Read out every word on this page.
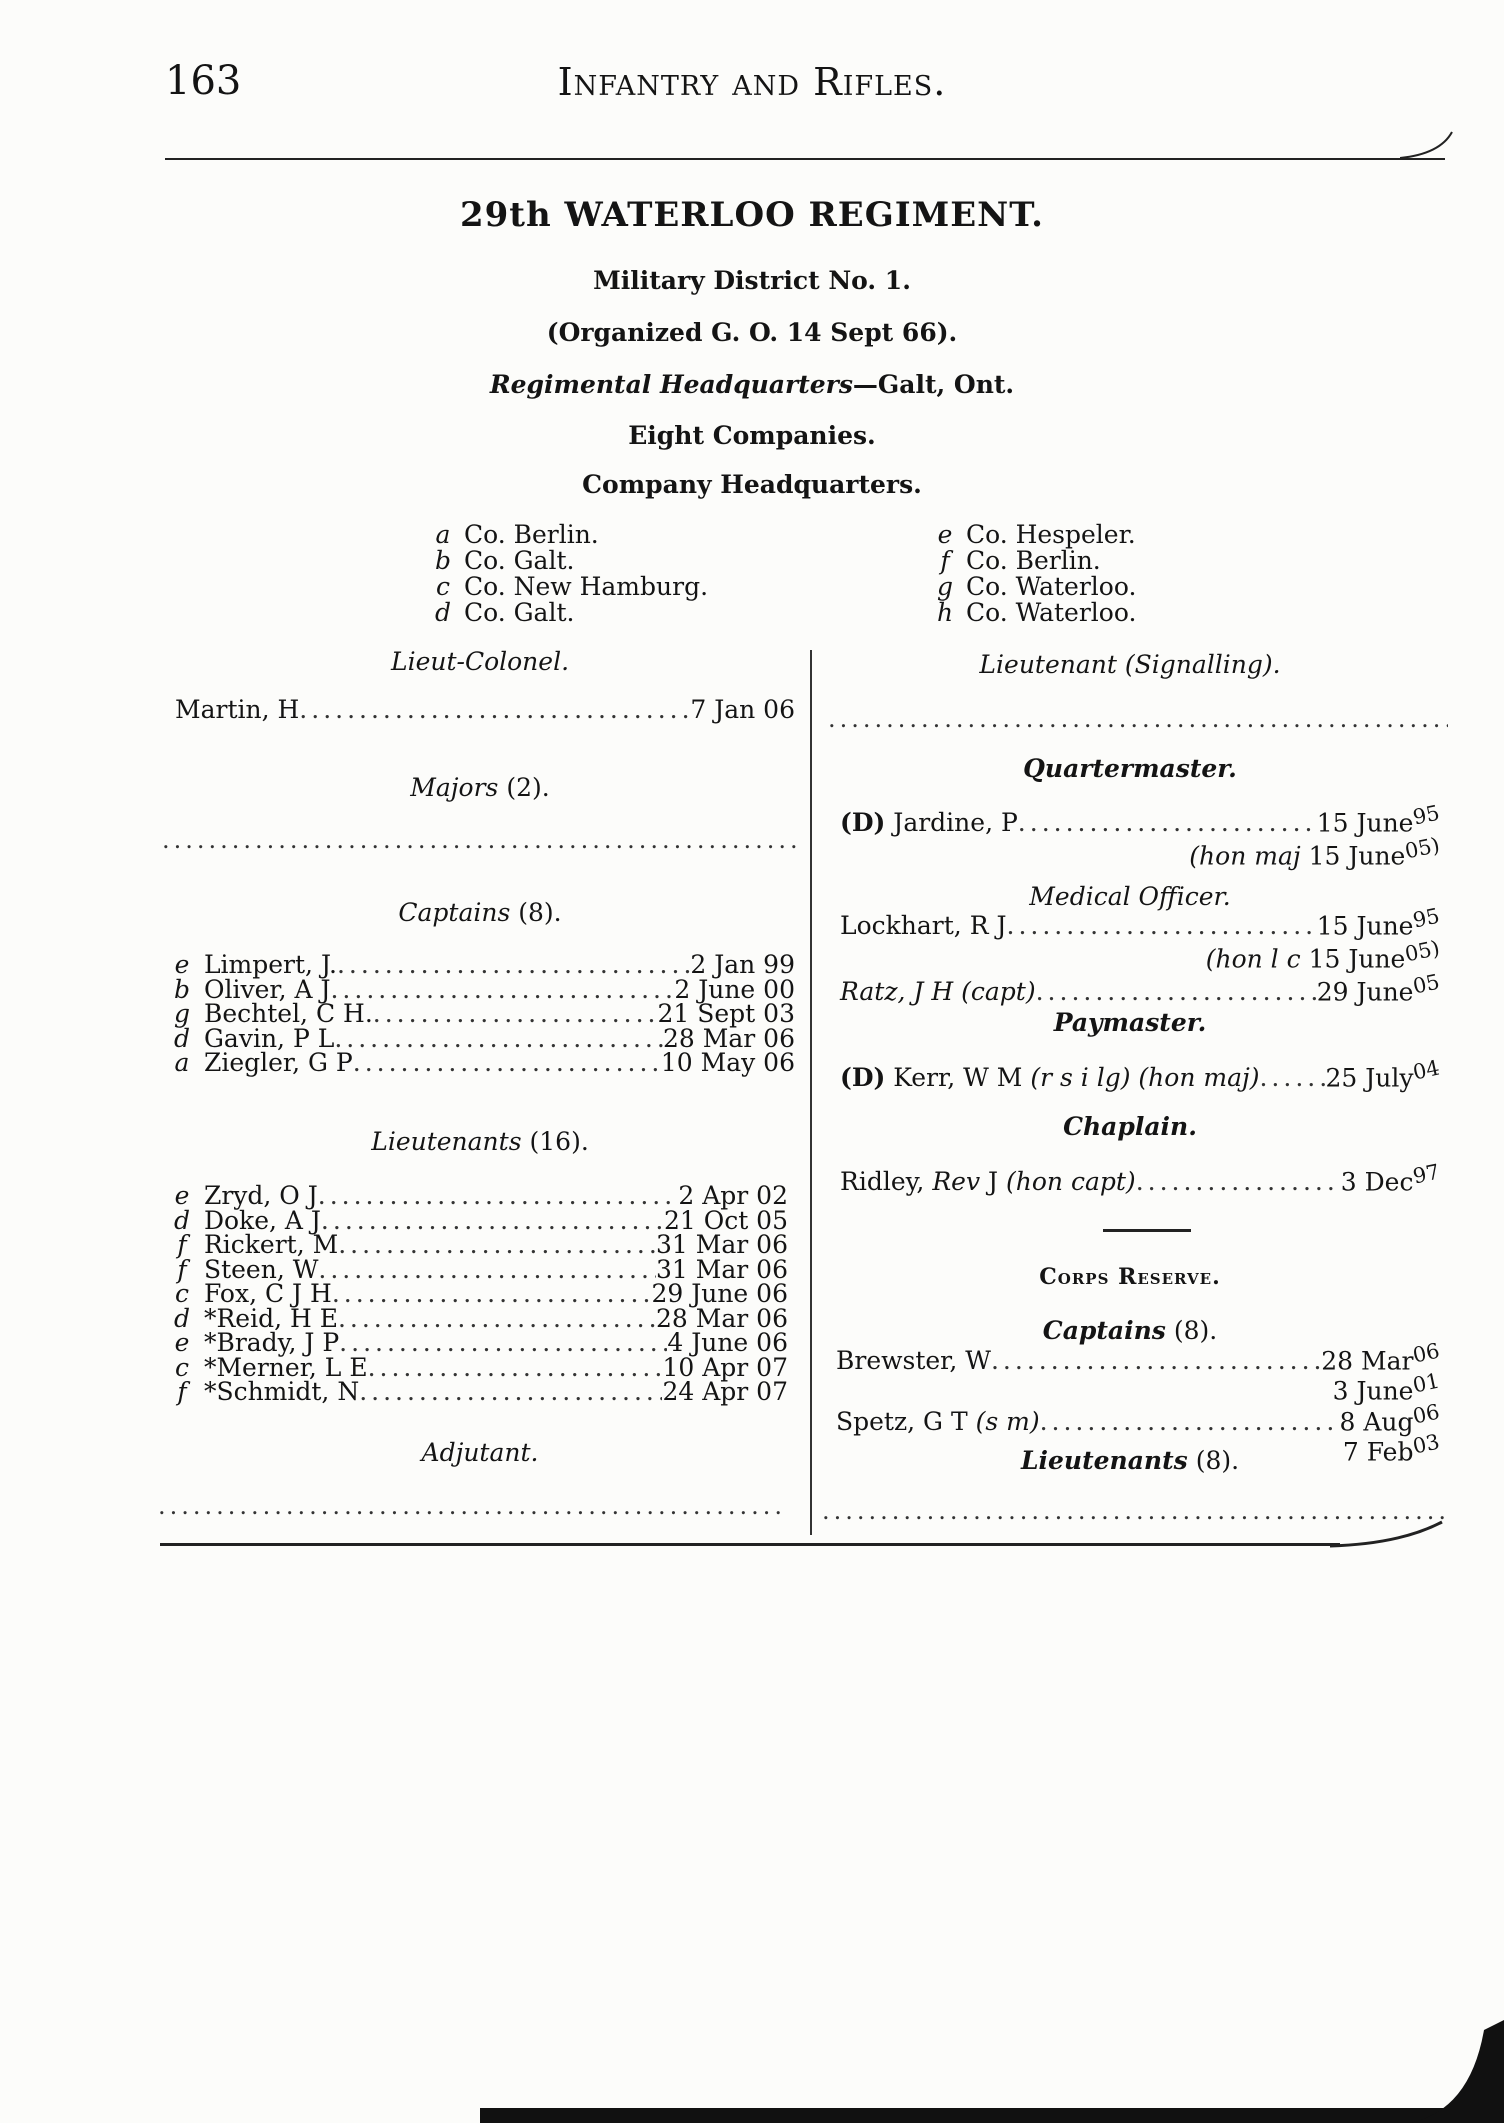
163	Infantry and Rifles.
29th WATERLOO REGIMENT.
Military District No. 1.
(Organized G. O. 14 Sept 66).
Regimental Headquarters—Galt, Ont.
Eight Companies.
Company Headquarters.
a
Co. Berlin.
b
Co. Galt.
c
Co. New Hamburg.
d
Co. Galt.
e
Co. Hespeler.
f
Co. Berlin.
g
Co. Waterloo.
h
Co. Waterloo.
Lieut-Colonel.
Martin, H .....	7 Jan 06
Majors (2).
.....
Captains (8).
e
Limpert, J. .....	2 Jan 99
b
Oliver, A J .....	2 June 00
g
Bechtel, C H. .....	21 Sept 03
d
Gavin, P L .....	28 Mar 06
a
Ziegler, G P .....	10 May 06
Lieutenants (16).
e
Zryd, O J .....	2 Apr 02
d
Doke, A J .....	21 Oct 05
f
Rickert, M .....	31 Mar 06
f
Steen, W .....	31 Mar 06
c
Fox, C J H .....	29 June 06
d
*Reid, H E .....	28 Mar 06
e
*Brady, J P .....	4 June 06
c
*Merner, L E .....	10 Apr 07
f
*Schmidt, N .....	24 Apr 07
Adjutant.
.....
Lieutenant (Signalling).
.....
Quartermaster.
(D) Jardine, P .....	15 June$^{95}$
(hon maj 15 June$^{05)}$
Medical Officer.
Lockhart, R J .....	15 June$^{95}$
(hon l c 15 June$^{05)}$
Ratz, J H (capt) .....	29 June$^{05}$
Paymaster.
(D) Kerr, W M (r s i lg) (hon maj) .....	25 July$^{04}$
Chaplain.
Ridley, Rev J (hon capt) .....	3 Dec$^{97}$
Corps Reserve.
Captains (8).
Brewster, W .....	28 Mar$^{06}$
3 June$^{01}$
Spetz, G T (s m) .....	8 Aug$^{06}$
7 Feb$^{03}$
Lieutenants (8).
.....
